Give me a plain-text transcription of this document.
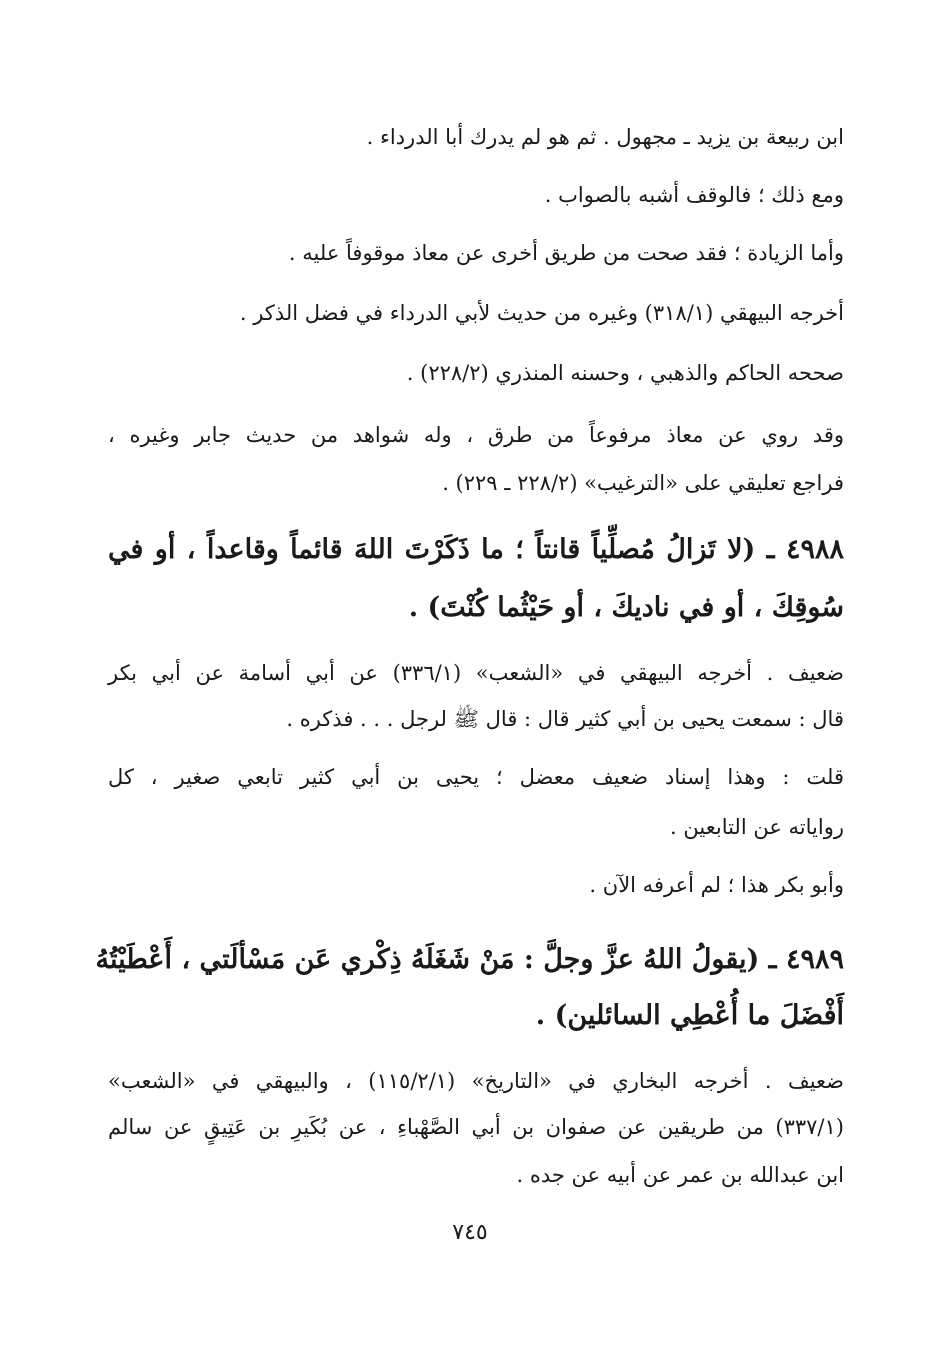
ابن ربيعة بن يزيد ـ مجهول . ثم هو لم يدرك أبا الدرداء .
ومع ذلك ؛ فالوقف أشبه بالصواب .
وأما الزيادة ؛ فقد صحت من طريق أخرى عن معاذ موقوفاً عليه .
أخرجه البيهقي (٣١٨/١) وغيره من حديث لأبي الدرداء في فضل الذكر .
صححه الحاكم والذهبي ، وحسنه المنذري (٢٢٨/٢) .
وقد روي عن معاذ مرفوعاً من طرق ، وله شواهد من حديث جابر وغيره ،
فراجع تعليقي على «الترغيب» (٢٢٨/٢ ـ ٢٢٩) .
٤٩٨٨ ـ (لا تَزالُ مُصلِّياً قانتاً ؛ ما ذَكَرْتَ اللهَ قائماً وقاعداً ، أو في
سُوقِكَ ، أو في ناديكَ ، أو حَيْثُما كُنْتَ) .
ضعيف . أخرجه البيهقي في «الشعب» (٣٣٦/١) عن أبي أسامة عن أبي بكر
قال : سمعت يحيى بن أبي كثير قال : قال ﷺ لرجل . . . فذكره .
قلت : وهذا إسناد ضعيف معضل ؛ يحيى بن أبي كثير تابعي صغير ، كل
رواياته عن التابعين .
وأبو بكر هذا ؛ لم أعرفه الآن .
٤٩٨٩ ـ (يقولُ اللهُ عزَّ وجلَّ : مَنْ شَغَلَهُ ذِكْري عَن مَسْألَتي ، أَعْطَيْتُهُ
أَفْضَلَ ما أُعْطِي السائلين) .
ضعيف . أخرجه البخاري في «التاريخ» (١١٥/٢/١) ، والبيهقي في «الشعب»
(٣٣٧/١) من طريقين عن صفوان بن أبي الصَّهْباءِ ، عن بُكَيرِ بن عَتِيقٍ عن سالم
ابن عبدالله بن عمر عن أبيه عن جده .
٧٤٥
